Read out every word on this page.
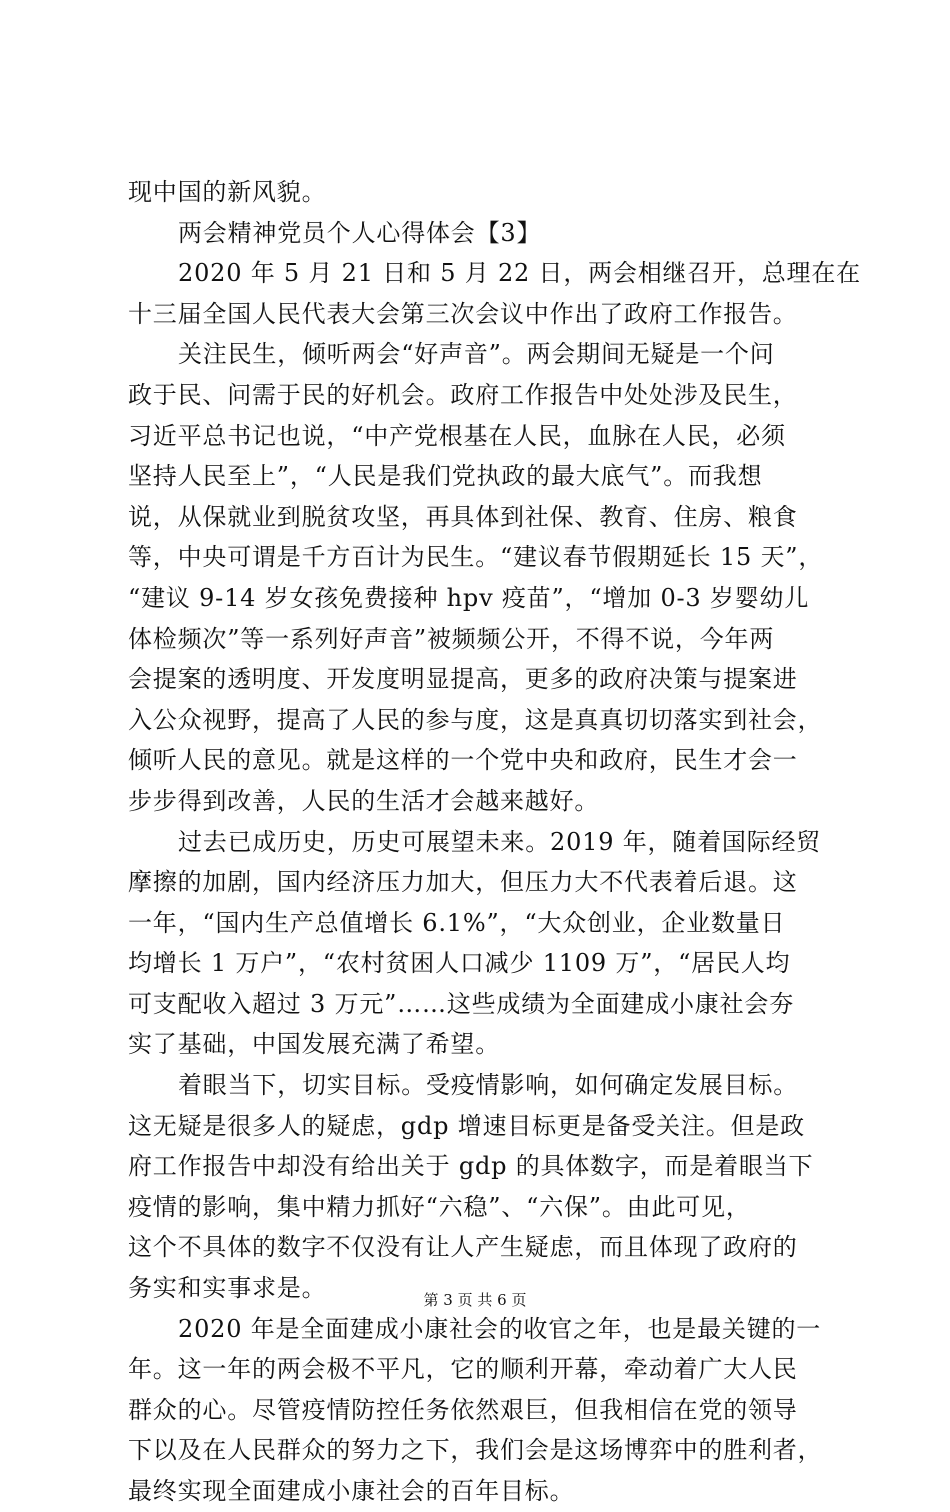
现中国的新风貌。
两会精神党员个人心得体会【3】
2020 年 5 月 21 日和 5 月 22 日，两会相继召开，总理在在
十三届全国人民代表大会第三次会议中作出了政府工作报告。
关注民生，倾听两会“好声音”。两会期间无疑是一个问
政于民、问需于民的好机会。政府工作报告中处处涉及民生，
习近平总书记也说，“中产党根基在人民，血脉在人民，必须
坚持人民至上”，“人民是我们党执政的最大底气”。而我想
说，从保就业到脱贫攻坚，再具体到社保、教育、住房、粮食
等，中央可谓是千方百计为民生。“建议春节假期延长 15 天”，
“建议 9-14 岁女孩免费接种 hpv 疫苗”，“增加 0-3 岁婴幼儿
体检频次”等一系列好声音”被频频公开，不得不说，今年两
会提案的透明度、开发度明显提高，更多的政府决策与提案进
入公众视野，提高了人民的参与度，这是真真切切落实到社会，
倾听人民的意见。就是这样的一个党中央和政府，民生才会一
步步得到改善，人民的生活才会越来越好。
过去已成历史，历史可展望未来。2019 年，随着国际经贸
摩擦的加剧，国内经济压力加大，但压力大不代表着后退。这
一年，“国内生产总值增长 6.1%”，“大众创业，企业数量日
均增长 1 万户”，“农村贫困人口减少 1109 万”，“居民人均
可支配收入超过 3 万元”……这些成绩为全面建成小康社会夯
实了基础，中国发展充满了希望。
着眼当下，切实目标。受疫情影响，如何确定发展目标。
这无疑是很多人的疑虑，gdp 增速目标更是备受关注。但是政
府工作报告中却没有给出关于 gdp 的具体数字，而是着眼当下
疫情的影响，集中精力抓好“六稳”、“六保”。由此可见，
这个不具体的数字不仅没有让人产生疑虑，而且体现了政府的
务实和实事求是。
2020 年是全面建成小康社会的收官之年，也是最关键的一
年。这一年的两会极不平凡，它的顺利开幕，牵动着广大人民
群众的心。尽管疫情防控任务依然艰巨，但我相信在党的领导
下以及在人民群众的努力之下，我们会是这场博弈中的胜利者，
最终实现全面建成小康社会的百年目标。
第 3 页 共 6 页
